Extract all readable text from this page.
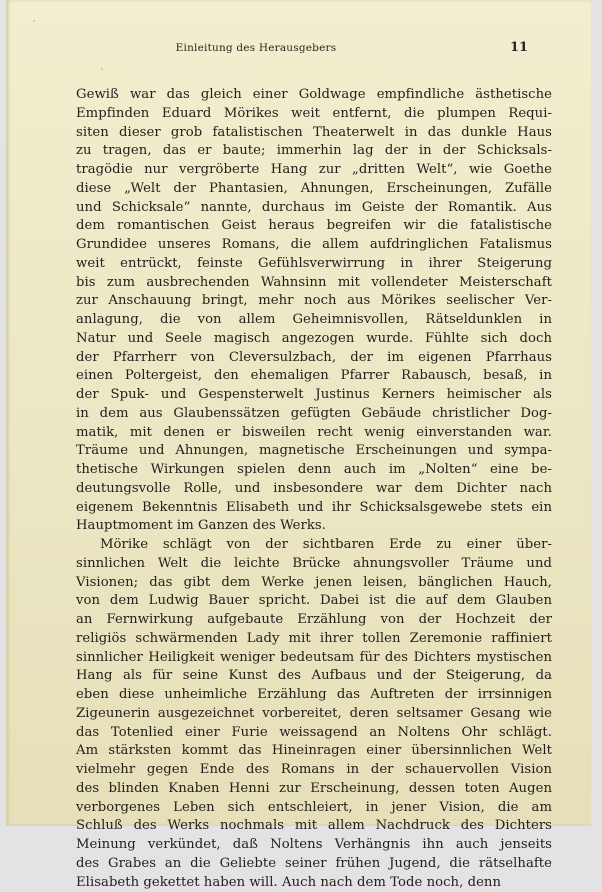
Einleitung des Herausgebers	11
Gewiß war das gleich einer Goldwage empfindliche ästhetische
Empfinden Eduard Mörikes weit entfernt, die plumpen Requi-
siten dieser grob fatalistischen Theaterwelt in das dunkle Haus
zu tragen, das er baute; immerhin lag der in der Schicksals-
tragödie nur vergröberte Hang zur „dritten Welt“, wie Goethe
diese „Welt der Phantasien, Ahnungen, Erscheinungen, Zufälle
und Schicksale“ nannte, durchaus im Geiste der Romantik. Aus
dem romantischen Geist heraus begreifen wir die fatalistische
Grundidee unseres Romans, die allem aufdringlichen Fatalismus
weit entrückt, feinste Gefühlsverwirrung in ihrer Steigerung
bis zum ausbrechenden Wahnsinn mit vollendeter Meisterschaft
zur Anschauung bringt, mehr noch aus Mörikes seelischer Ver-
anlagung, die von allem Geheimnisvollen, Rätseldunklen in
Natur und Seele magisch angezogen wurde. Fühlte sich doch
der Pfarrherr von Cleversulzbach, der im eigenen Pfarrhaus
einen Poltergeist, den ehemaligen Pfarrer Rabausch, besaß, in
der Spuk- und Gespensterwelt Justinus Kerners heimischer als
in dem aus Glaubenssätzen gefügten Gebäude christlicher Dog-
matik, mit denen er bisweilen recht wenig einverstanden war.
Träume und Ahnungen, magnetische Erscheinungen und sympa-
thetische Wirkungen spielen denn auch im „Nolten“ eine be-
deutungsvolle Rolle, und insbesondere war dem Dichter nach
eigenem Bekenntnis Elisabeth und ihr Schicksalsgewebe stets ein
Hauptmoment im Ganzen des Werks.
Mörike schlägt von der sichtbaren Erde zu einer über-
sinnlichen Welt die leichte Brücke ahnungsvoller Träume und
Visionen; das gibt dem Werke jenen leisen, bänglichen Hauch,
von dem Ludwig Bauer spricht. Dabei ist die auf dem Glauben
an Fernwirkung aufgebaute Erzählung von der Hochzeit der
religiös schwärmenden Lady mit ihrer tollen Zeremonie raffiniert
sinnlicher Heiligkeit weniger bedeutsam für des Dichters mystischen
Hang als für seine Kunst des Aufbaus und der Steigerung, da
eben diese unheimliche Erzählung das Auftreten der irrsinnigen
Zigeunerin ausgezeichnet vorbereitet, deren seltsamer Gesang wie
das Totenlied einer Furie weissagend an Noltens Ohr schlägt.
Am stärksten kommt das Hineinragen einer übersinnlichen Welt
vielmehr gegen Ende des Romans in der schauervollen Vision
des blinden Knaben Henni zur Erscheinung, dessen toten Augen
verborgenes Leben sich entschleiert, in jener Vision, die am
Schluß des Werks nochmals mit allem Nachdruck des Dichters
Meinung verkündet, daß Noltens Verhängnis ihn auch jenseits
des Grabes an die Geliebte seiner frühen Jugend, die rätselhafte
Elisabeth gekettet haben will. Auch nach dem Tode noch, denn
